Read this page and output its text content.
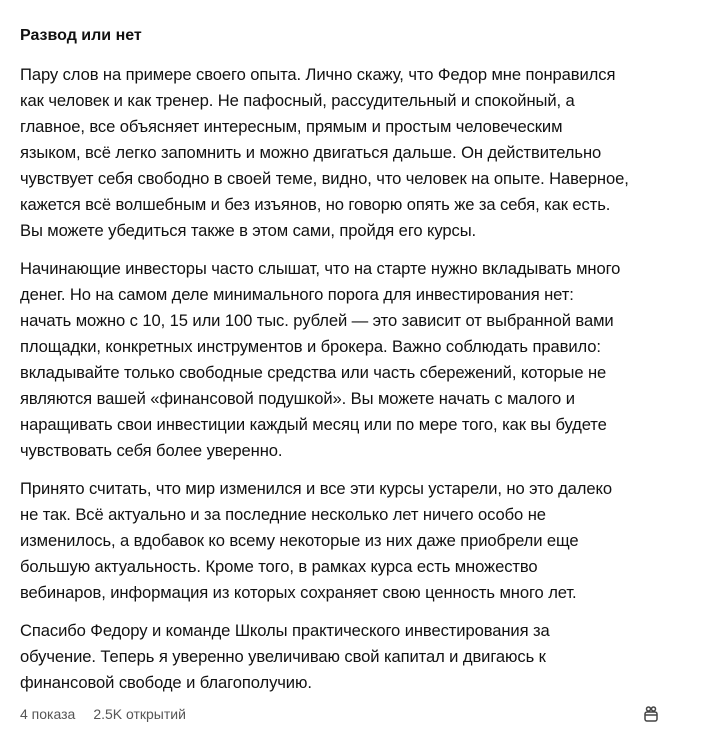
Развод или нет

Пару слов на примере своего опыта. Лично скажу, что Федор мне понравился
как человек и как тренер. Не пафосный, рассудительный и спокойный, а
главное, все объясняет интересным, прямым и простым человеческим
языком, всё легко запомнить и можно двигаться дальше. Он действительно
чувствует себя свободно в своей теме, видно, что человек на опыте. Наверное,
кажется всё волшебным и без изъянов, но говорю опять же за себя, как есть.
Вы можете убедиться также в этом сами, пройдя его курсы.

Начинающие инвесторы часто слышат, что на старте нужно вкладывать много
денег. Но на самом деле минимального порога для инвестирования нет:
начать можно с 10, 15 или 100 тыс. рублей — это зависит от выбранной вами
площадки, конкретных инструментов и брокера. Важно соблюдать правило:
вкладывайте только свободные средства или часть сбережений, которые не
являются вашей «финансовой подушкой». Вы можете начать с малого и
наращивать свои инвестиции каждый месяц или по мере того, как вы будете
чувствовать себя более уверенно.

Принято считать, что мир изменился и все эти курсы устарели, но это далеко
не так. Всё актуально и за последние несколько лет ничего особо не
изменилось, а вдобавок ко всему некоторые из них даже приобрели еще
большую актуальность. Кроме того, в рамках курса есть множество
вебинаров, информация из которых сохраняет свою ценность много лет.

Спасибо Федору и команде Школы практического инвестирования за
обучение. Теперь я уверенно увеличиваю свой капитал и двигаюсь к
финансовой свободе и благополучию.

4 показа 2.5K открытий
